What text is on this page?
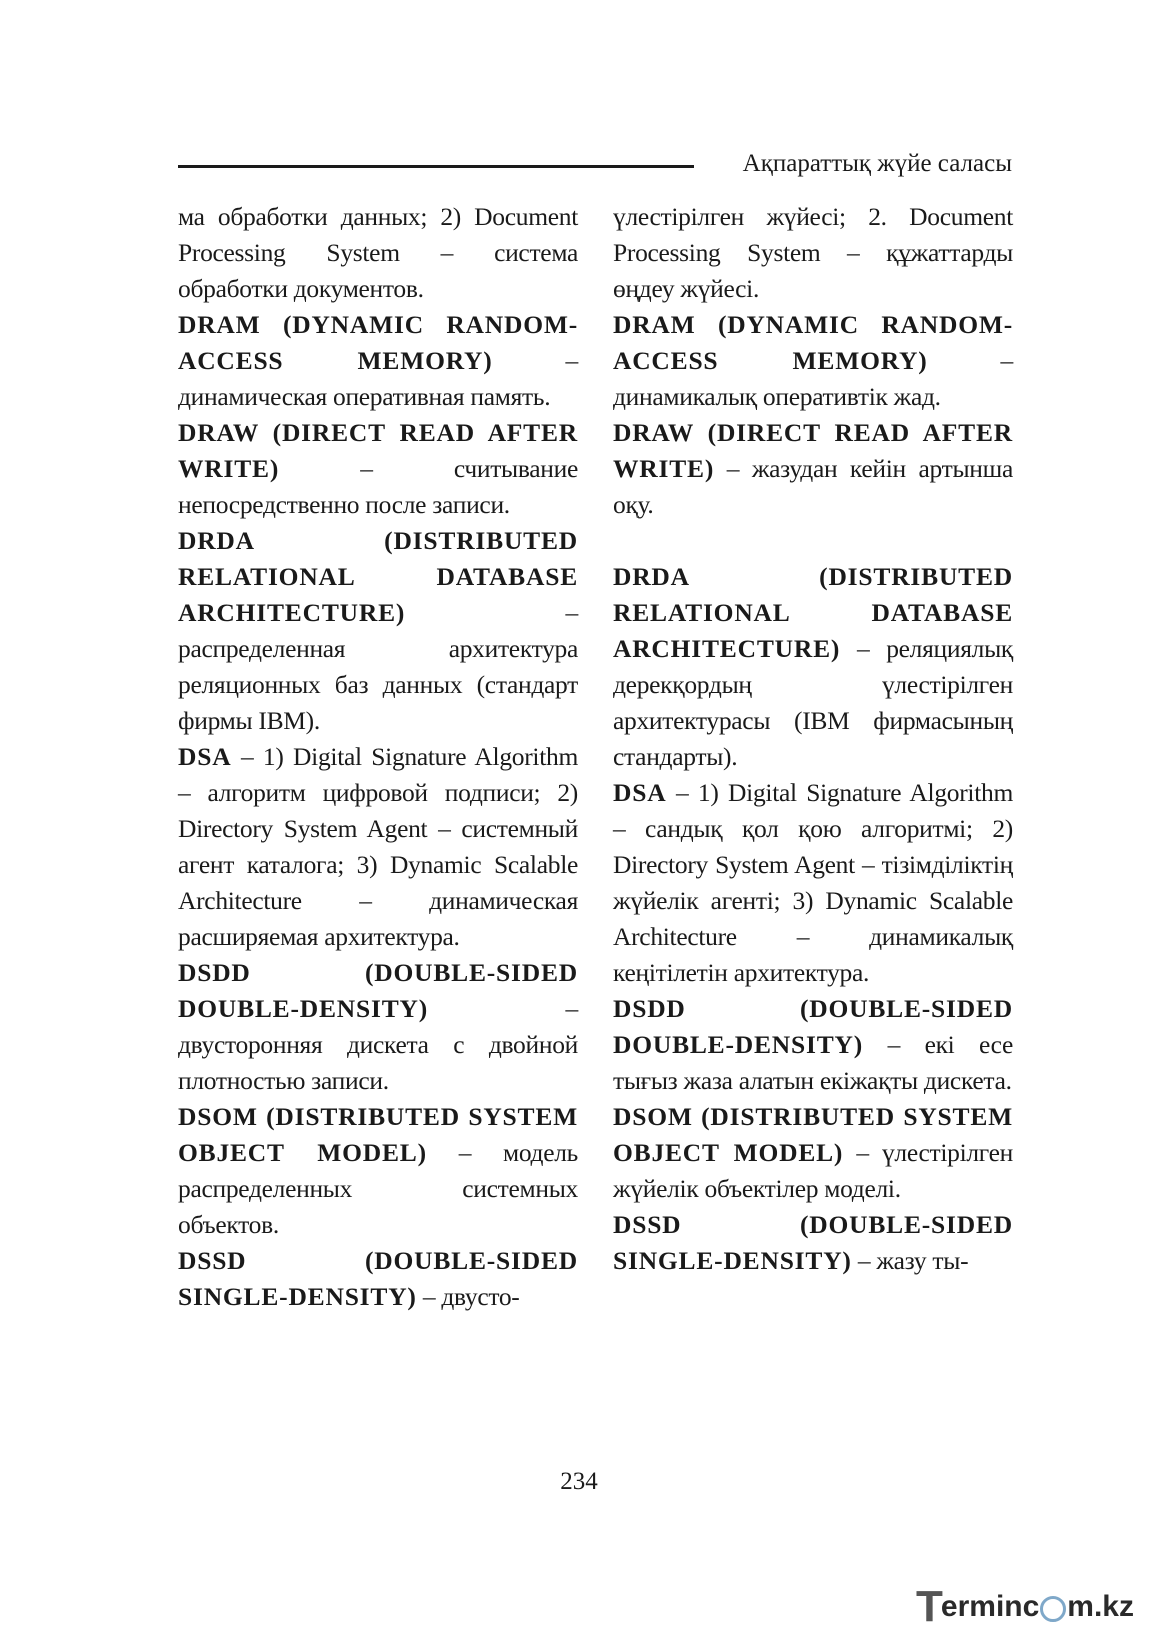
Ақпараттық жүйе саласы

ма обработки данных; 2) Document Processing System – система обработки документов.

DRAM (DYNAMIC RANDOM-ACCESS MEMORY)	– динамическая оперативная память.

DRAW (DIRECT READ AFTER WRITE)	– считывание непосредственно после записи.

DRDA (DISTRIBUTED RELATIONAL DATABASE ARCHITECTURE)	– распределенная архитектура реляционных баз данных (стандарт фирмы IBM).

DSA – 1) Digital Signature Algorithm – алгоритм цифровой подписи; 2) Directory System Agent – системный агент каталога; 3) Dynamic Scalable Architecture – динамическая расширяемая архитектура.

DSDD (DOUBLE-SIDED DOUBLE-DENSITY)	– двусторонняя дискета с двойной плотностью записи.

DSOM (DISTRIBUTED SYSTEM OBJECT MODEL) – модель распределенных системных объектов.

DSSD (DOUBLE-SIDED SINGLE-DENSITY) – двусто-

үлестірілген жүйесі; 2. Document Processing System – құжаттарды өңдеу жүйесі.

DRAM (DYNAMIC RANDOM-ACCESS MEMORY)	– динамикалық оперативтік жад.

DRAW (DIRECT READ AFTER WRITE) – жазудан кейін артынша оқу.

DRDA (DISTRIBUTED RELATIONAL DATABASE ARCHITECTURE) – реляциялық дерекқордың үлестірілген архитектурасы (IBM фирмасының стандарты).

DSA – 1) Digital Signature Algorithm – сандық қол қою алгоритмі; 2) Directory System Agent – тізімділіктің жүйелік агенті; 3) Dynamic Scalable Architecture – динамикалық кеңітілетін архитектура.

DSDD (DOUBLE-SIDED DOUBLE-DENSITY) – екі есе тығыз жаза алатын екіжақты дискета.

DSOM (DISTRIBUTED SYSTEM OBJECT MODEL) – үлестірілген жүйелік объектілер моделі.

DSSD (DOUBLE-SIDED SINGLE-DENSITY) – жазу ты-

234
T
erminc m.kz
